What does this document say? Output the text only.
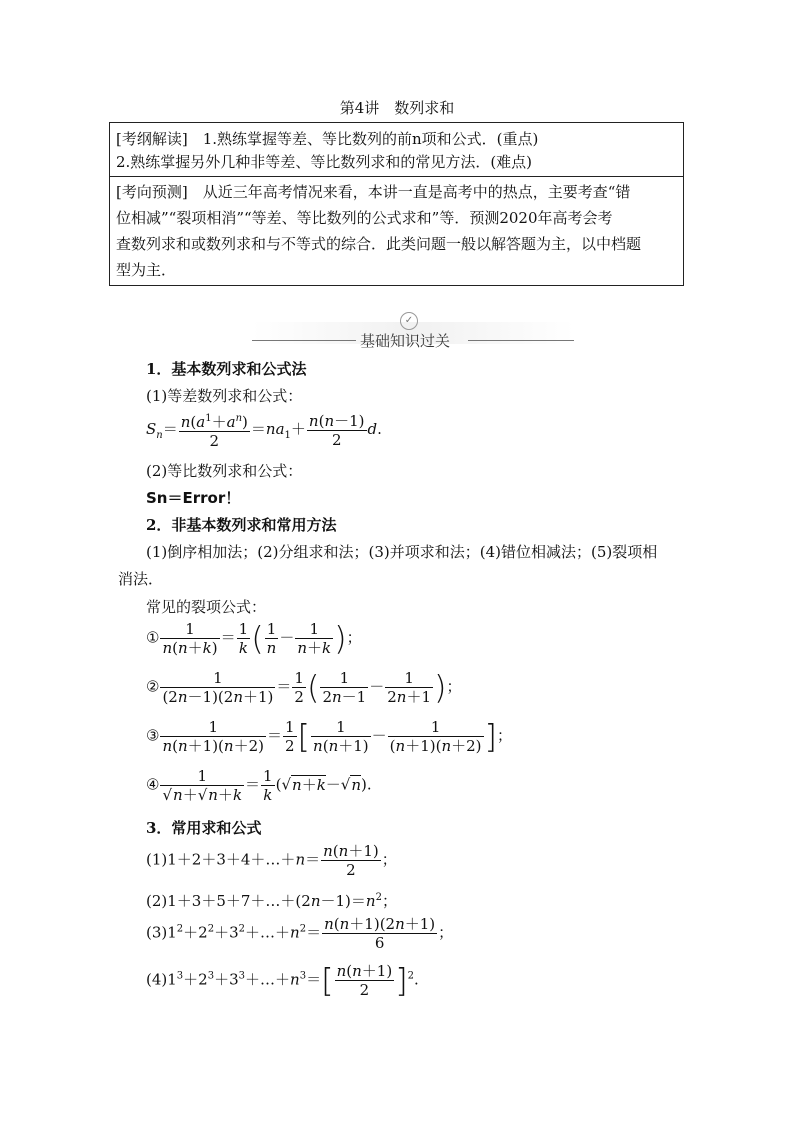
第4讲　数列求和
[考纲解读]　1.熟练掌握等差、等比数列的前n项和公式．(重点)
2.熟练掌握另外几种非等差、等比数列求和的常见方法．(难点)
[考向预测]　从近三年高考情况来看，本讲一直是高考中的热点，主要考查“错
位相减”“裂项相消”“等差、等比数列的公式求和”等．预测2020年高考会考
查数列求和或数列求和与不等式的综合．此类问题一般以解答题为主，以中档题
型为主．
✓
基础知识过关
1．基本数列求和公式法
(1)等差数列求和公式：
$S_n= \frac{n(a^1+a^n)}{2} =na_1+ \frac{n(n-1)}{2} d$.
(2)等比数列求和公式：
Sn＝Error！
2．非基本数列求和常用方法
(1)倒序相加法；(2)分组求和法；(3)并项求和法；(4)错位相减法；(5)裂项相
消法．
常见的裂项公式：
① $\frac{1}{n(n+k)} = \frac{1}{k}$ ( $\frac{1}{n} - \frac{1}{n+k}$ )；
② $\frac{1}{(2n-1)(2n+1)} = \frac{1}{2}$ ( $\frac{1}{2n-1} - \frac{1}{2n+1}$ )；
③ $\frac{1}{n(n+1)(n+2)} = \frac{1}{2}$ [ $\frac{1}{n(n+1)} - \frac{1}{(n+1)(n+2)}$ ]；
④ $\frac{1}{√n+√n+k} = \frac{1}{k} (√n+k-√n)$.
3．常用求和公式
(1)1＋2＋3＋4＋…＋n＝ $\frac{n(n+1)}{2}$ ；
$(2)1+3+5+7+\dots+(2n-1)=n^2$；
$(3)1^2+2^2+3^2+\dots+n^2= \frac{n(n+1)(2n+1)}{6}$ ；
$(4)1^3+2^3+3^3+\dots+n^3=[ \frac{n(n+1)}{2} ]^2$.
